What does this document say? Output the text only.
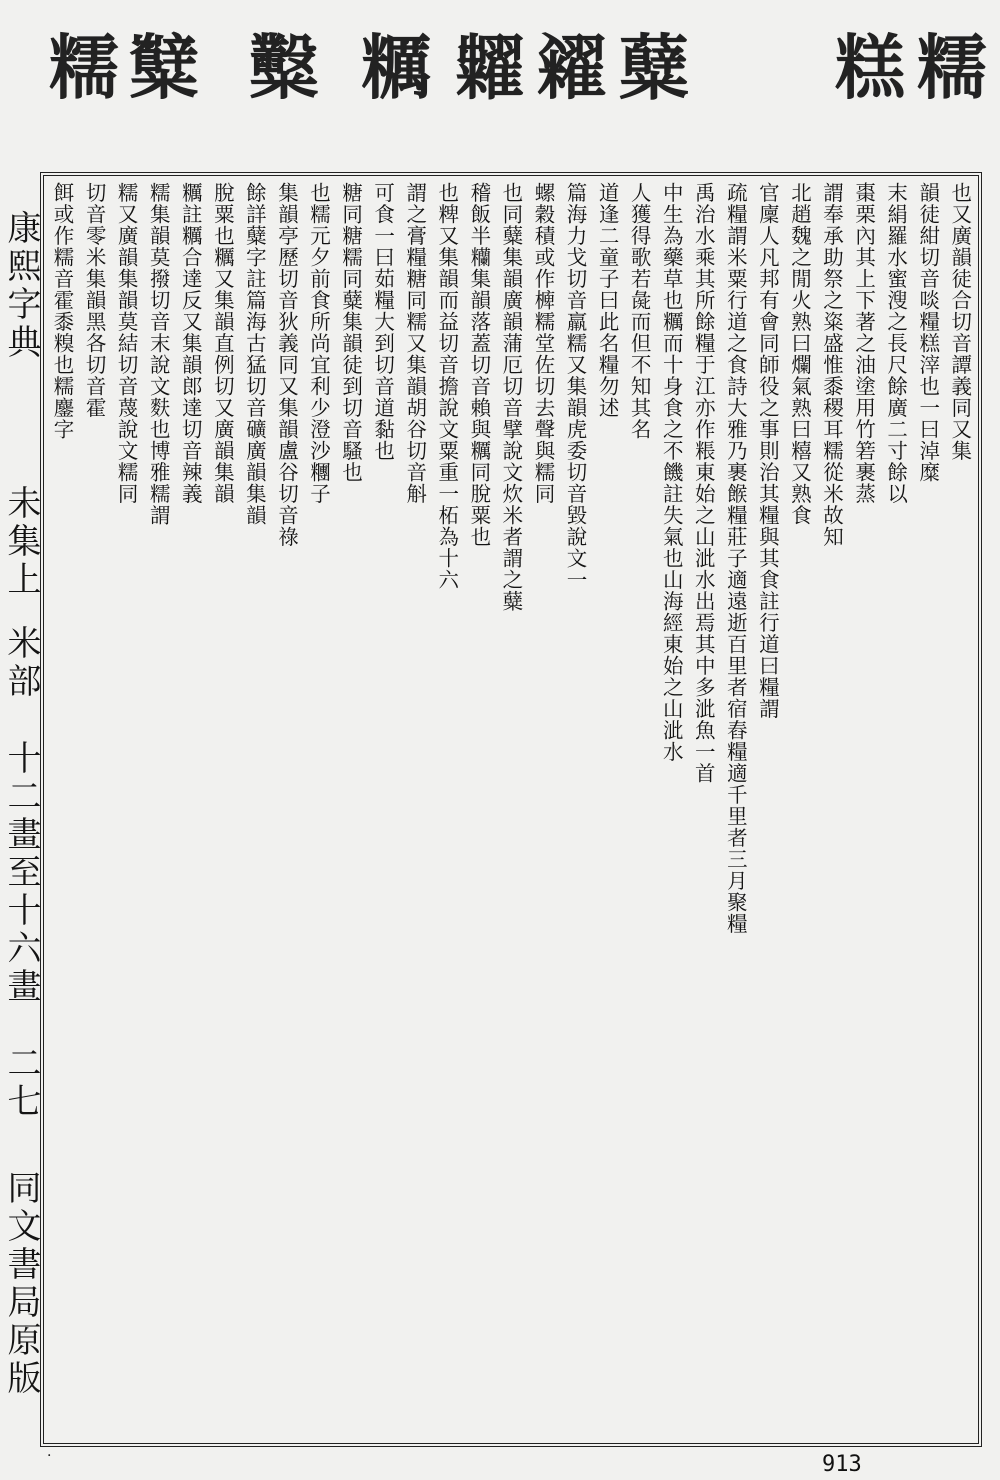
糯
糕
糵
糴
糶
糲
糳
糱
糯
康熙字典
未集上
米部
十二畫至十六畫
二七
同文書局原版
也又廣韻徒合切音譚義同又集
韻徒紺切音啖糧糕滓也一曰淖糜
末絹羅水蜜溲之長尺餘廣二寸餘以
棗栗內其上下著之油塗用竹箬裹蒸
謂奉承助祭之粢盛惟黍稷耳糯從米故知
北趙魏之閒火熟曰爛氣熟曰糦又熟食
官廩人凡邦有會同師役之事則治其糧與其食註行道曰糧謂
疏糧謂米粟行道之食詩大雅乃裹餱糧莊子適遠逝百里者宿舂糧適千里者三月聚糧
禹治水乘其所餘糧于江亦作粻東始之山泚水出焉其中多泚魚一首
中生為藥草也糲而十身食之不饑註失氣也山海經東始之山泚水
人獲得歌若彘而但不知其名
道逢二童子曰此名糧勿述
篇海力戈切音羸糯又集韻虎委切音毀說文一
螺穀積或作㯅糯堂佐切去聲與糯同
也同糵集韻廣韻蒲厄切音擘說文炊米者謂之糵
稽飯半糷集韻落蓋切音賴與糲同脫粟也
也粺又集韻而益切音擔說文粟重一柘為十六
謂之膏糧糖同糯又集韻胡谷切音斛
可食一曰茹糧大到切音道黏也
糖同糖糯同糵集韻徒到切音騷也
也糯元夕前食所尚宜利少澄沙糰子
集韻亭歷切音狄義同又集韻盧谷切音祿
餘詳糵字註篇海古猛切音礦廣韻集韻
脫粟也糲又集韻直例切又廣韻集韻
糲註糲合達反又集韻郎達切音辣義
糯集韻莫撥切音末說文麩也博雅糯謂
糯又廣韻集韻莫結切音蔑說文糯同
切音零米集韻黑各切音霍
餌或作糯音霍黍糗也糯鏖字
·	913
